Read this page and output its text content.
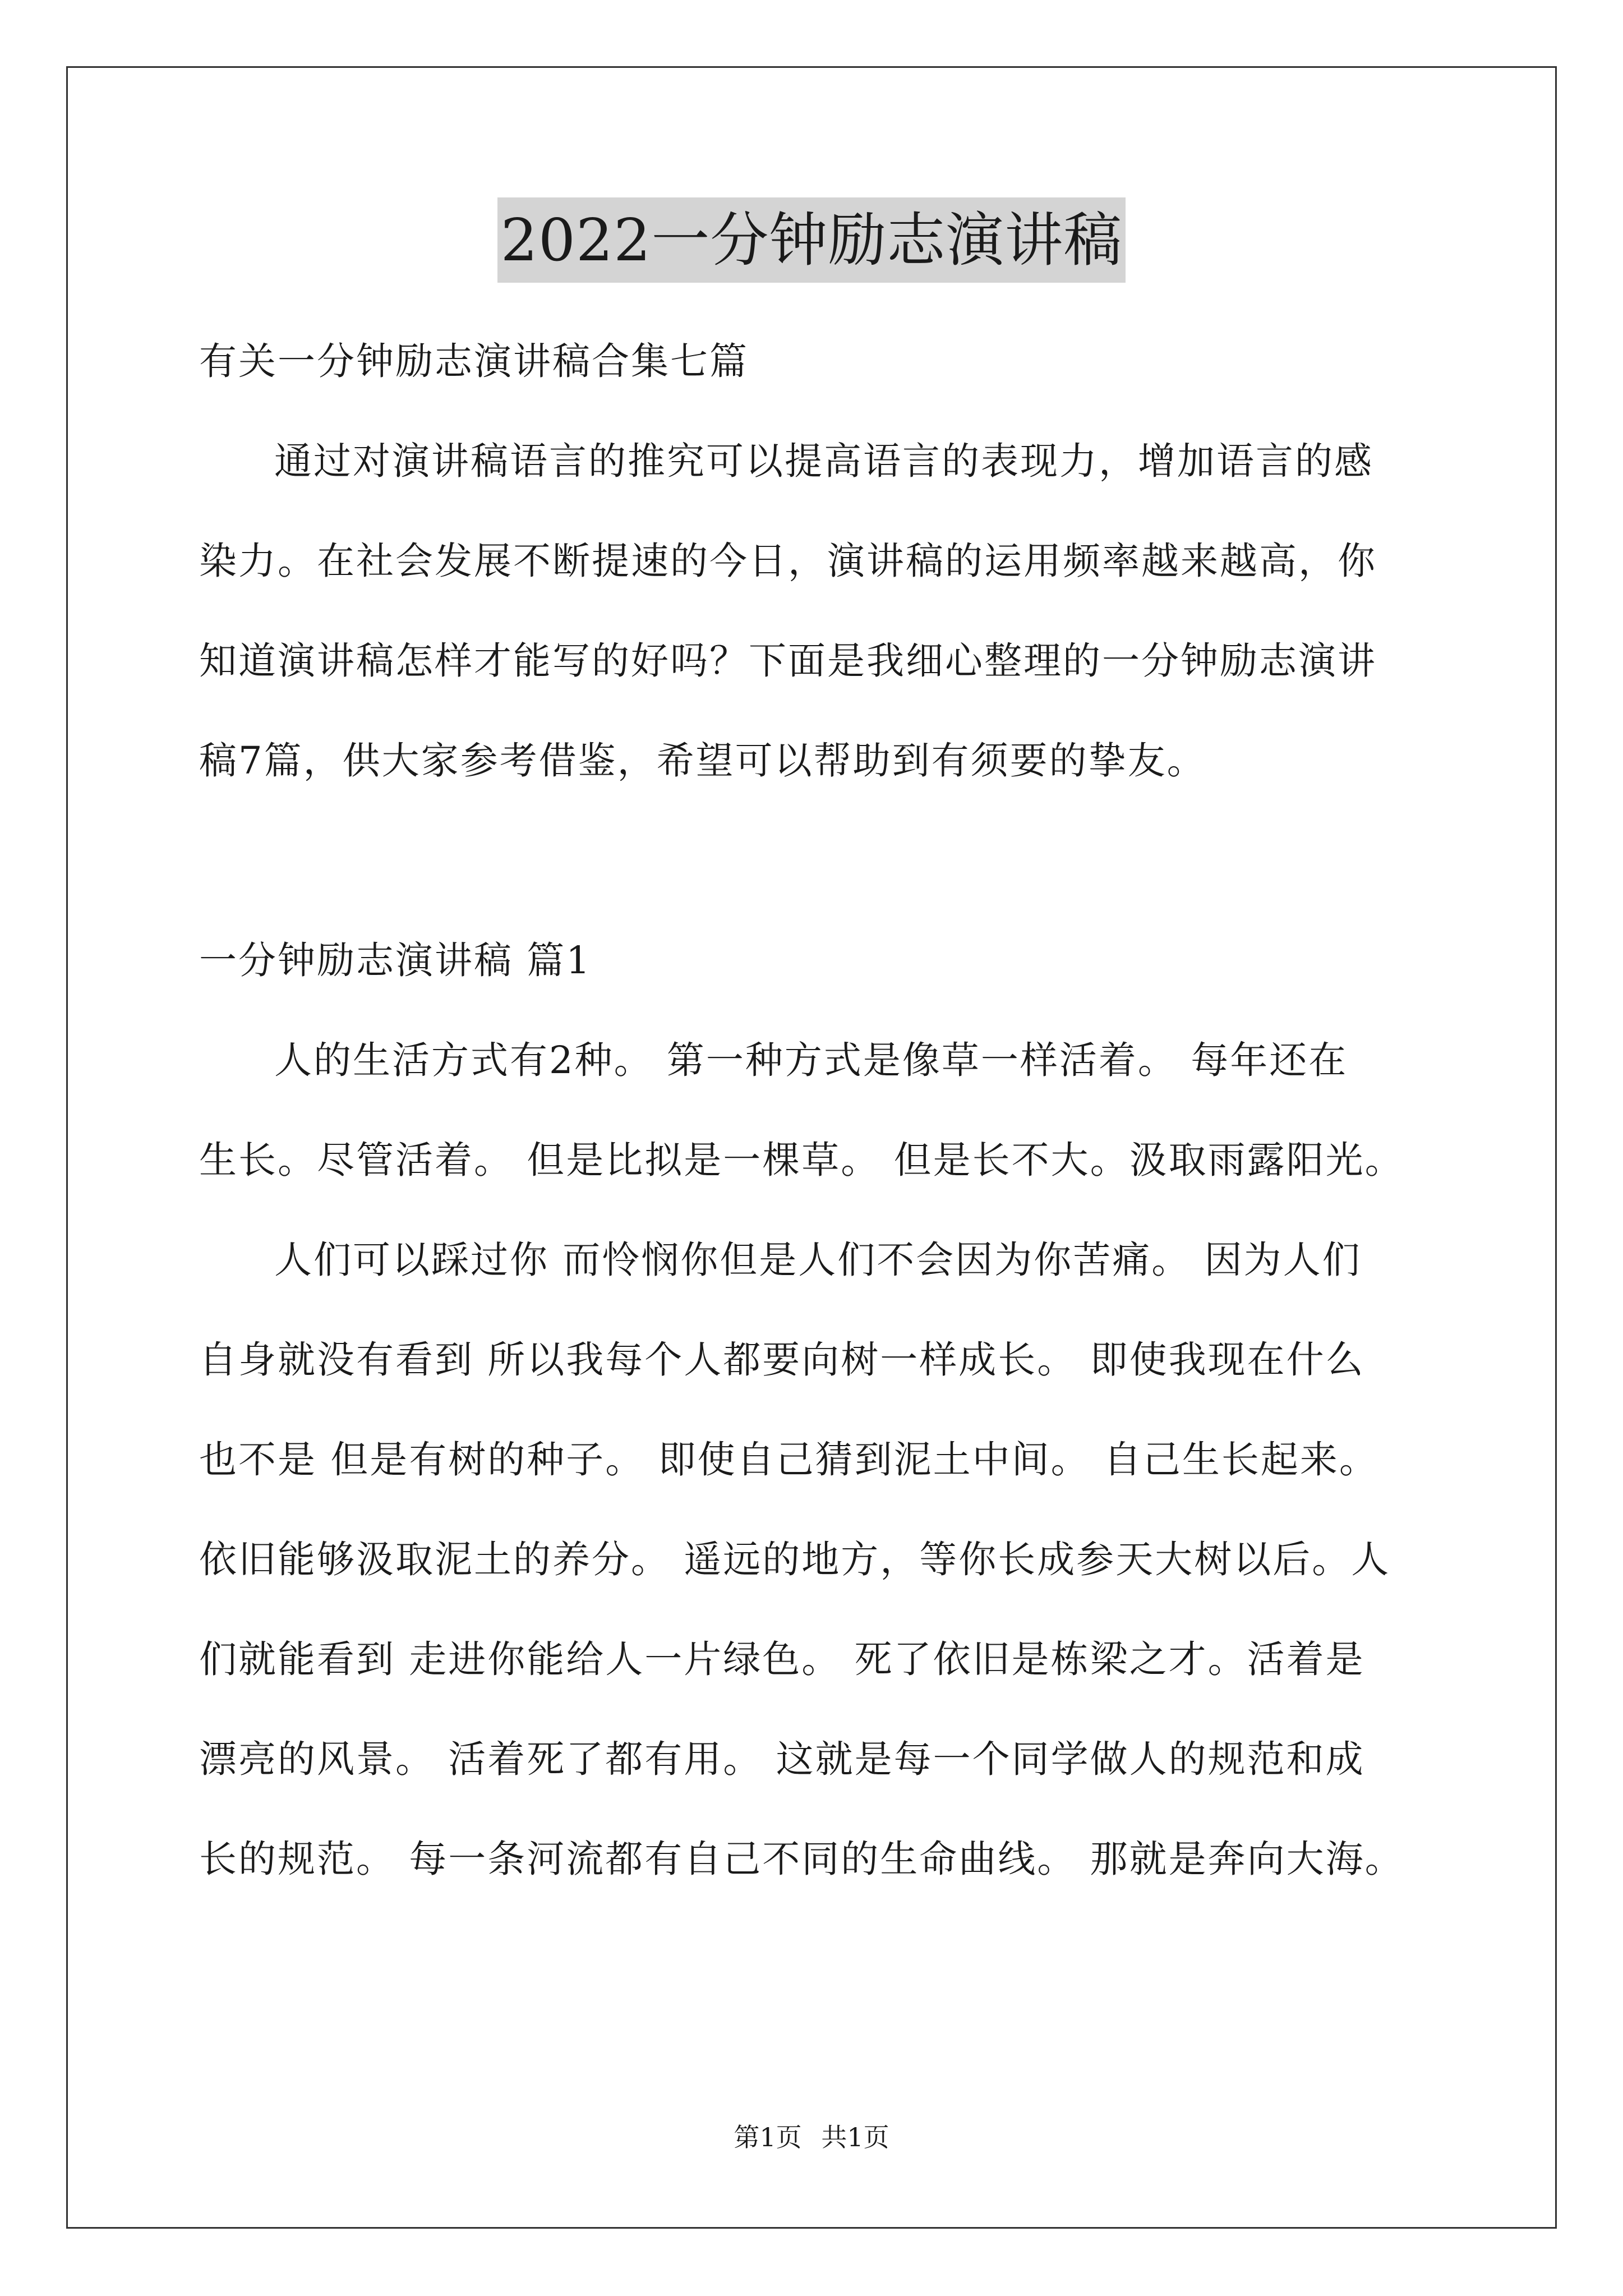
2022一分钟励志演讲稿
有关一分钟励志演讲稿合集七篇
通过对演讲稿语言的推究可以提高语言的表现力，增加语言的感
染力。在社会发展不断提速的今日，演讲稿的运用频率越来越高，你
知道演讲稿怎样才能写的好吗？下面是我细心整理的一分钟励志演讲
稿7篇，供大家参考借鉴，希望可以帮助到有须要的挚友。
一分钟励志演讲稿 篇1
人的生活方式有2种。 第一种方式是像草一样活着。 每年还在
生长。尽管活着。 但是比拟是一棵草。 但是长不大。汲取雨露阳光。
人们可以踩过你 而怜悯你但是人们不会因为你苦痛。 因为人们
自身就没有看到 所以我每个人都要向树一样成长。 即使我现在什么
也不是 但是有树的种子。 即使自己猜到泥土中间。 自己生长起来。
依旧能够汲取泥土的养分。 遥远的地方，等你长成参天大树以后。人
们就能看到 走进你能给人一片绿色。 死了依旧是栋梁之才。活着是
漂亮的风景。 活着死了都有用。 这就是每一个同学做人的规范和成
长的规范。 每一条河流都有自己不同的生命曲线。 那就是奔向大海。
第1页 共1页
